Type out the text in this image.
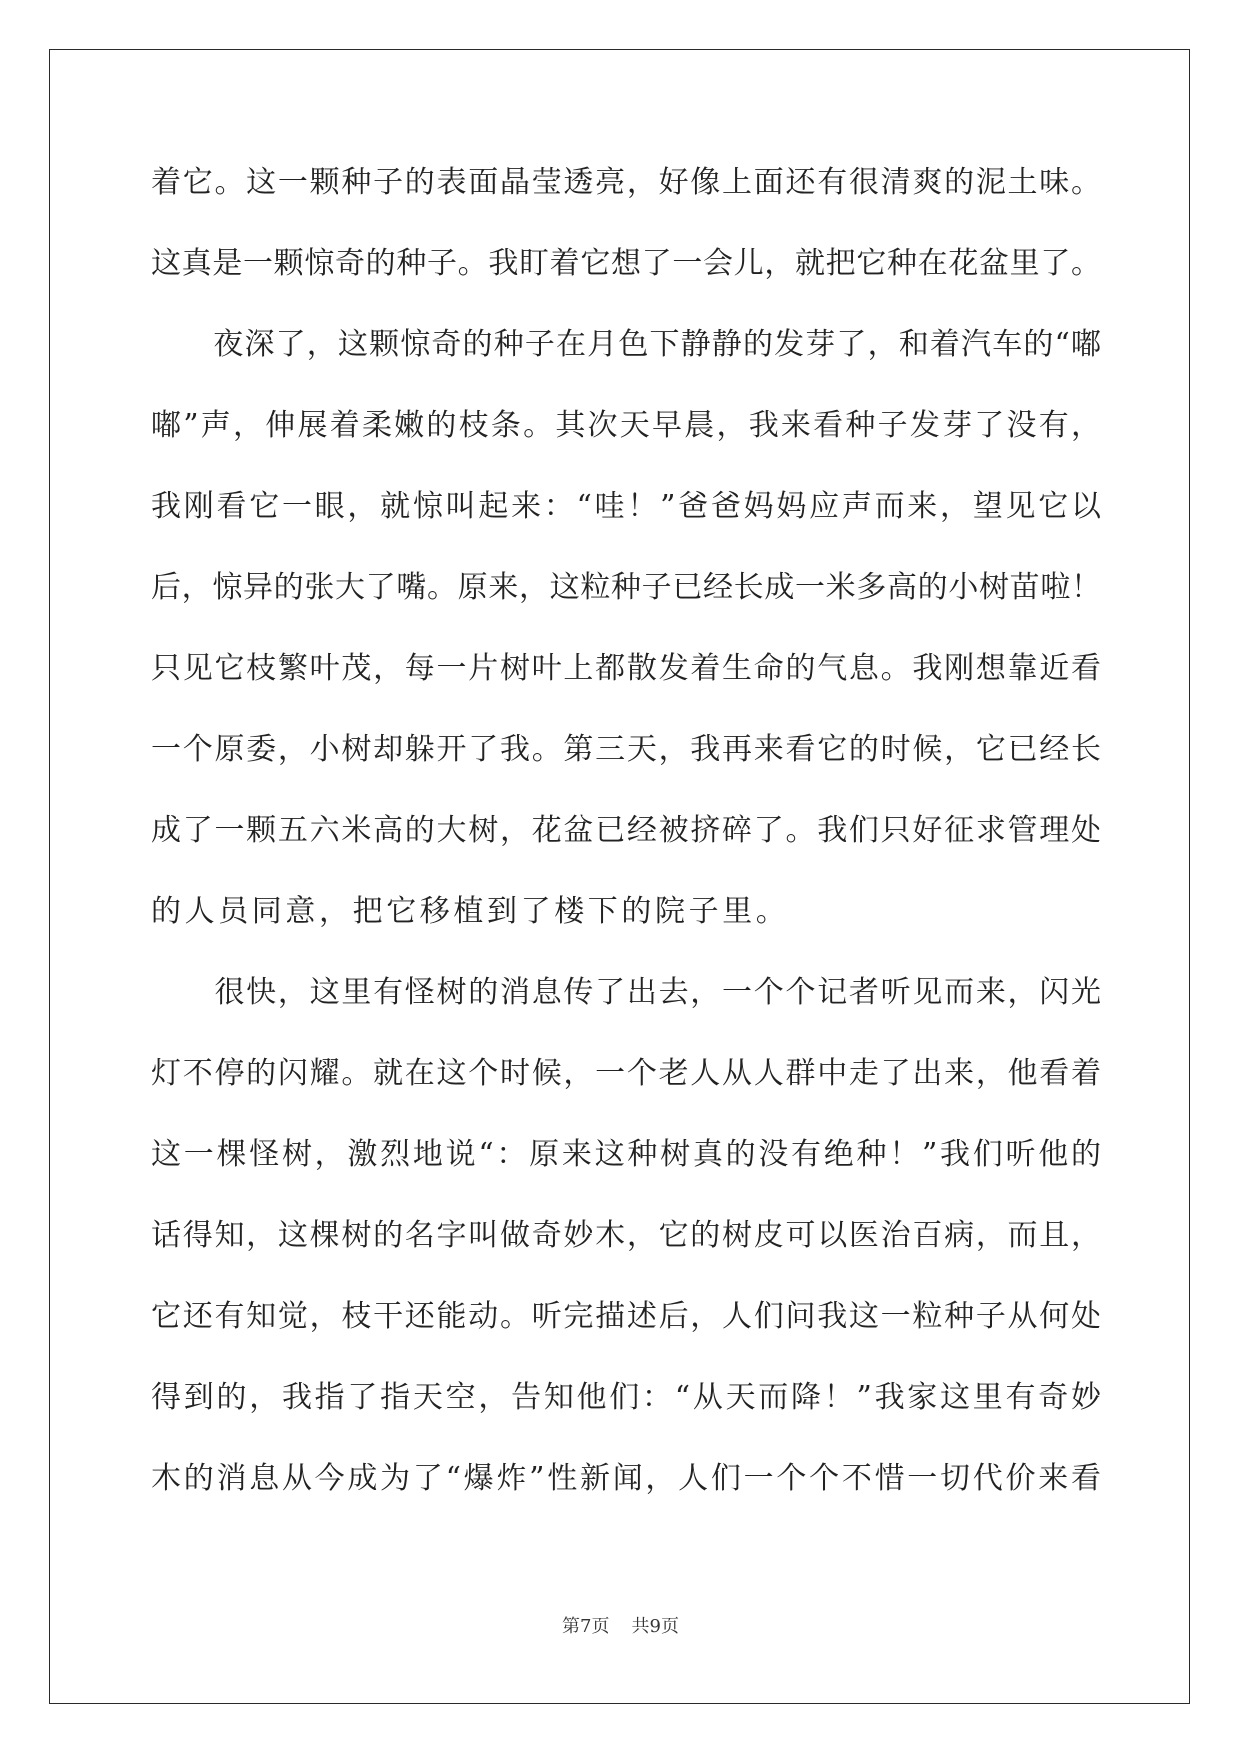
着它。这一颗种子的表面晶莹透亮，好像上面还有很清爽的泥土味。
这真是一颗惊奇的种子。我盯着它想了一会儿，就把它种在花盆里了。
　　夜深了，这颗惊奇的种子在月色下静静的发芽了，和着汽车的“嘟
嘟”声，伸展着柔嫩的枝条。其次天早晨，我来看种子发芽了没有，
我刚看它一眼，就惊叫起来：“哇！”爸爸妈妈应声而来，望见它以
后，惊异的张大了嘴。原来，这粒种子已经长成一米多高的小树苗啦！
只见它枝繁叶茂，每一片树叶上都散发着生命的气息。我刚想靠近看
一个原委，小树却躲开了我。第三天，我再来看它的时候，它已经长
成了一颗五六米高的大树，花盆已经被挤碎了。我们只好征求管理处
的人员同意，把它移植到了楼下的院子里。
　　很快，这里有怪树的消息传了出去，一个个记者听见而来，闪光
灯不停的闪耀。就在这个时候，一个老人从人群中走了出来，他看着
这一棵怪树，激烈地说“：原来这种树真的没有绝种！”我们听他的
话得知，这棵树的名字叫做奇妙木，它的树皮可以医治百病，而且，
它还有知觉，枝干还能动。听完描述后，人们问我这一粒种子从何处
得到的，我指了指天空，告知他们：“从天而降！”我家这里有奇妙
木的消息从今成为了“爆炸”性新闻，人们一个个不惜一切代价来看
第7页 共9页
